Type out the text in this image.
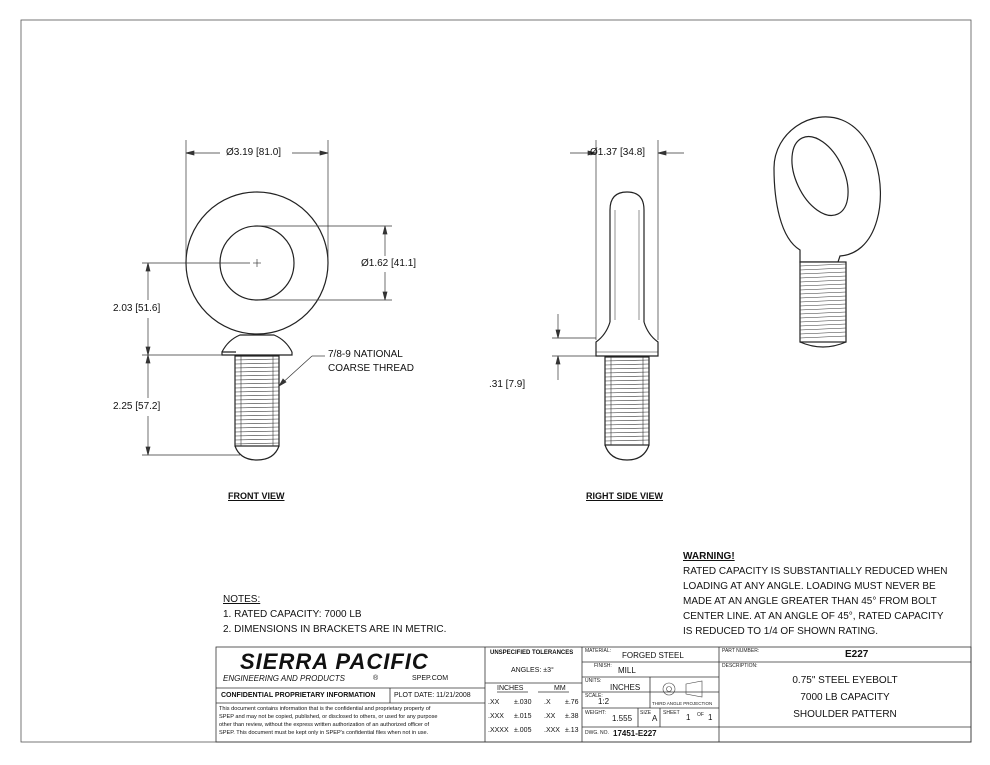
Ø3.19 [81.0]
Ø1.62 [41.1]
2.03 [51.6]
2.25 [57.2]
7/8-9 NATIONAL
COARSE THREAD
FRONT VIEW
Ø1.37 [34.8]
.31 [7.9]
RIGHT SIDE VIEW
WARNING!
RATED CAPACITY IS SUBSTANTIALLY REDUCED WHEN
LOADING AT ANY ANGLE. LOADING MUST NEVER BE
MADE AT AN ANGLE GREATER THAN 45° FROM BOLT
CENTER LINE. AT AN ANGLE OF 45°, RATED CAPACITY
IS REDUCED TO 1/4 OF SHOWN RATING.
NOTES:
1. RATED CAPACITY: 7000 LB
2. DIMENSIONS IN BRACKETS ARE IN METRIC.
SIERRA PACIFIC
ENGINEERING AND PRODUCTS	®	SPEP.COM
CONFIDENTIAL PROPRIETARY INFORMATION	PLOT DATE: 11/21/2008
This document contains information that is the confidential and proprietary property of
SPEP and may not be copied, published, or disclosed to others, or used for any purpose
other than review, without the express written authorization of an authorized officer of
SPEP. This document must be kept only in SPEP's confidential files when not in use.
UNSPECIFIED TOLERANCES
ANGLES: ±3°
INCHES	MM
.XX ±.030 .X ±.76
.XXX ±.015 .XX ±.38
.XXXX ±.005 .XXX ±.13
MATERIAL: FORGED STEEL
FINISH: MILL
UNITS:
INCHES
SCALE:
1:2	THIRD ANGLE PROJECTION
WEIGHT:
1.555
SIZE
A
SHEET 1 OF 1
DWG. NO. 17451-E227
PART NUMBER:	E227
DESCRIPTION:
0.75" STEEL EYEBOLT
7000 LB CAPACITY
SHOULDER PATTERN
